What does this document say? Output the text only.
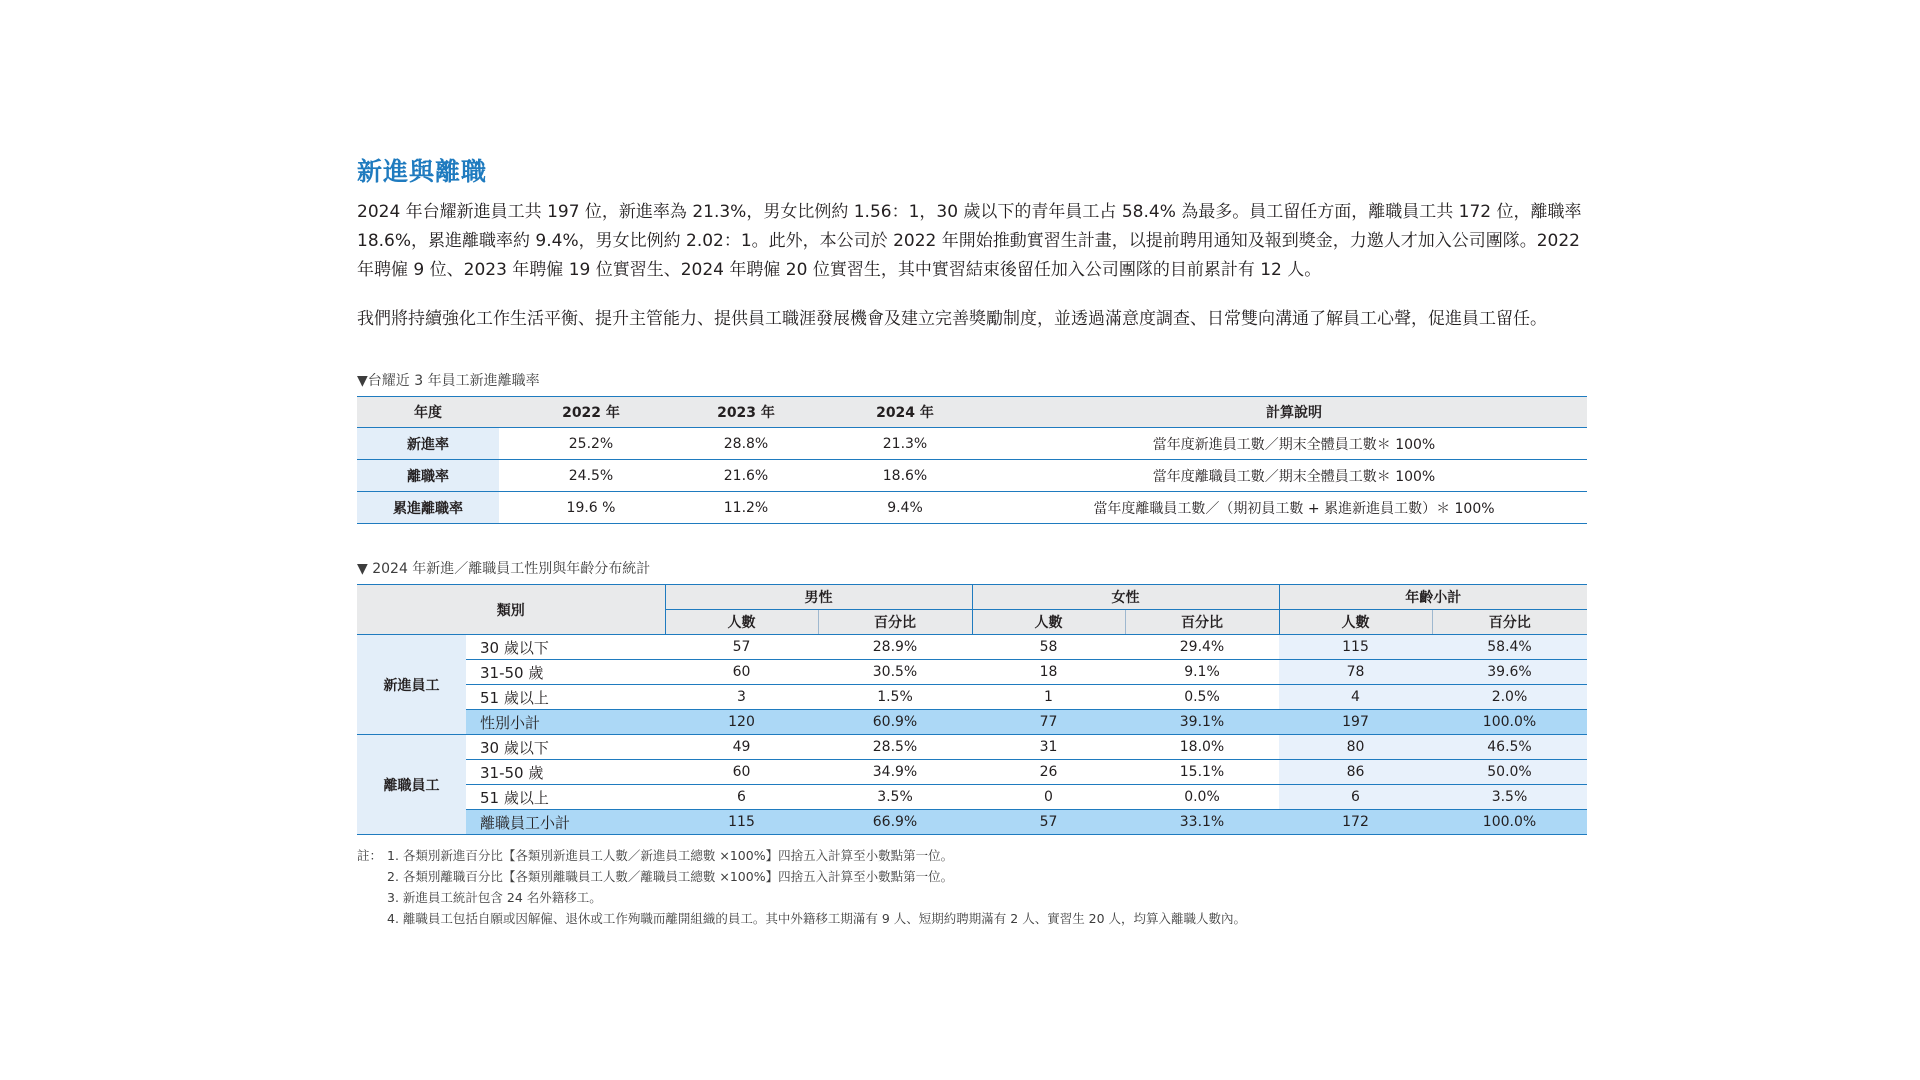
新進與離職

2024 年台耀新進員工共 197 位，新進率為 21.3%，男女比例約 1.56：1，30 歲以下的青年員工占 58.4% 為最多。員工留任方面，離職員工共 172 位，離職率 18.6%，累進離職率約 9.4%，男女比例約 2.02：1。此外，本公司於 2022 年開始推動實習生計畫，以提前聘用通知及報到獎金，力邀人才加入公司團隊。2022 年聘僱 9 位、2023 年聘僱 19 位實習生、2024 年聘僱 20 位實習生，其中實習結束後留任加入公司團隊的目前累計有 12 人。

我們將持續強化工作生活平衡、提升主管能力、提供員工職涯發展機會及建立完善獎勵制度，並透過滿意度調查、日常雙向溝通了解員工心聲，促進員工留任。

▼台耀近 3 年員工新進離職率

年度	2022 年	2023 年	2024 年	計算說明
新進率	25.2%	28.8%	21.3%	當年度新進員工數／期末全體員工數＊ 100%
離職率	24.5%	21.6%	18.6%	當年度離職員工數／期末全體員工數＊ 100%
累進離職率	19.6 %	11.2%	9.4%	當年度離職員工數／（期初員工數 + 累進新進員工數）＊ 100%

▼ 2024 年新進／離職員工性別與年齡分布統計

類別		男性		女性		年齡小計	
		人數	百分比	人數	百分比	人數	百分比
新進員工	30 歲以下	57	28.9%	58	29.4%	115	58.4%
	31-50 歲	60	30.5%	18	9.1%	78	39.6%
	51 歲以上	3	1.5%	1	0.5%	4	2.0%
	性別小計	120	60.9%	77	39.1%	197	100.0%
離職員工	30 歲以下	49	28.5%	31	18.0%	80	46.5%
	31-50 歲	60	34.9%	26	15.1%	86	50.0%
	51 歲以上	6	3.5%	0	0.0%	6	3.5%
	離職員工小計	115	66.9%	57	33.1%	172	100.0%
註： 1. 各類別新進百分比【各類別新進員工人數／新進員工總數 ×100%】四捨五入計算至小數點第一位。
2. 各類別離職百分比【各類別離職員工人數／離職員工總數 ×100%】四捨五入計算至小數點第一位。
3. 新進員工統計包含 24 名外籍移工。
4. 離職員工包括自願或因解僱、退休或工作殉職而離開組織的員工。其中外籍移工期滿有 9 人、短期約聘期滿有 2 人、實習生 20 人，均算入離職人數內。
